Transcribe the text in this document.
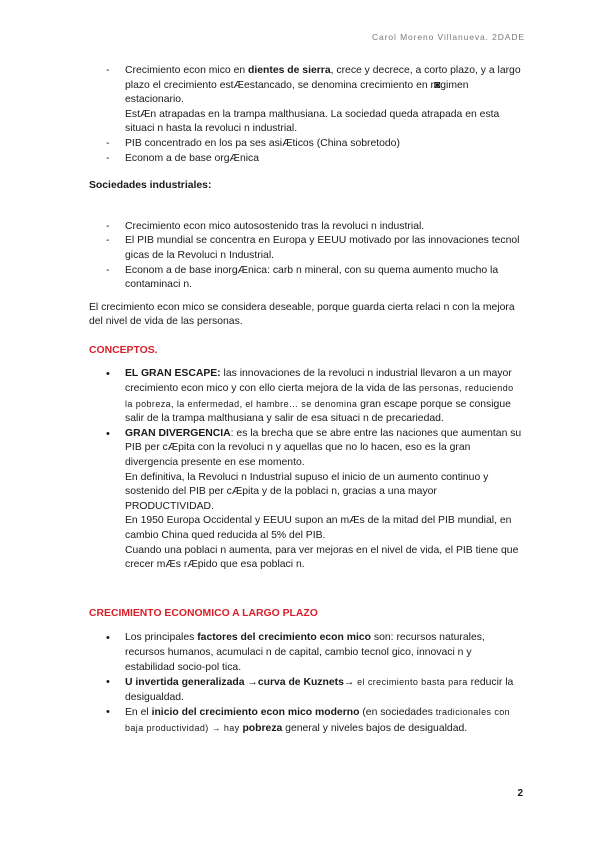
Carol Moreno Villanueva. 2DADE
- Crecimiento econ mico en dientes de sierra, crece y decrece, a corto plazo, y a largo plazo el crecimiento estÆestancado, se denomina crecimiento en r◙gimen estacionario.
EstÆn atrapadas en la trampa malthusiana. La sociedad queda atrapada en esta situaci n hasta la revoluci n industrial.
- PIB concentrado en los pa ses asiÆticos (China sobretodo)
- Econom a de base orgÆnica

Sociedades industriales:

- Crecimiento econ mico autosostenido tras la revoluci n industrial.
- El PIB mundial se concentra en Europa y EEUU motivado por las innovaciones tecnol gicas de la Revoluci n Industrial.
- Econom a de base inorgÆnica: carb n mineral, con su quema aumento mucho la contaminaci n.

El crecimiento econ mico se considera deseable, porque guarda cierta relaci n con la mejora del nivel de vida de las personas.

CONCEPTOS.

• EL GRAN ESCAPE: las innovaciones de la revoluci n industrial llevaron a un mayor crecimiento econ mico y con ello cierta mejora de la vida de las personas, reduciendo la pobreza, la enfermedad, el hambre… se denomina gran escape porque se consigue salir de la trampa malthusiana y salir de esa situaci n de precariedad.
• GRAN DIVERGENCIA: es la brecha que se abre entre las naciones que aumentan su PIB per cÆpita con la revoluci n y aquellas que no lo hacen, eso es la gran divergencia presente en ese momento.
En definitiva, la Revoluci n Industrial supuso el inicio de un aumento continuo y sostenido del PIB per cÆpita y de la poblaci n, gracias a una mayor PRODUCTIVIDAD.
En 1950 Europa Occidental y EEUU supon an mÆs de la mitad del PIB mundial, en cambio China qued reducida al 5% del PIB.
Cuando una poblaci n aumenta, para ver mejoras en el nivel de vida, el PIB tiene que crecer mÆs rÆpido que esa poblaci n.

CRECIMIENTO ECONOMICO A LARGO PLAZO

• Los principales factores del crecimiento econ mico son: recursos naturales, recursos humanos, acumulaci n de capital, cambio tecnol gico, innovaci n y estabilidad socio-pol tica.
• U invertida generalizada →curva de Kuznets→ el crecimiento basta para reducir la desigualdad.
• En el inicio del crecimiento econ mico moderno (en sociedades tradicionales con baja productividad) → hay pobreza general y niveles bajos de desigualdad.
2
